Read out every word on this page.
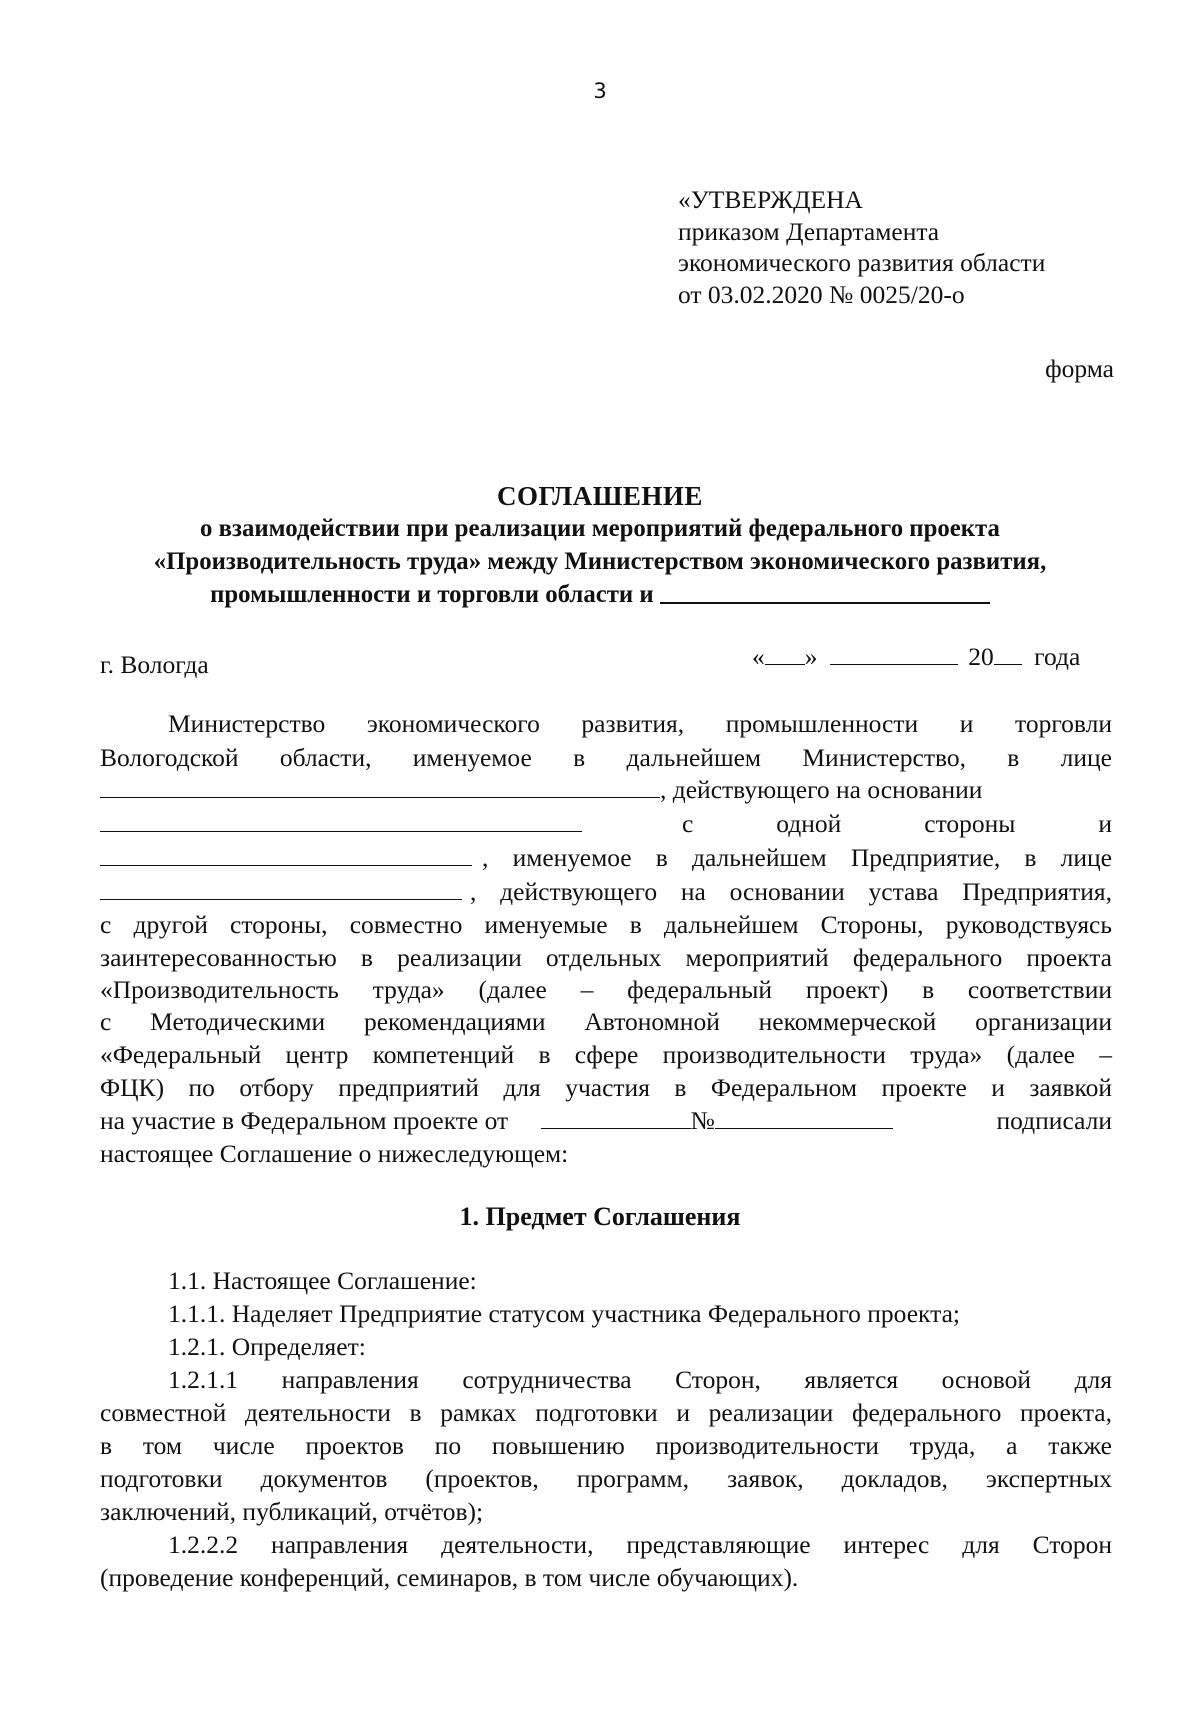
3
«УТВЕРЖДЕНА
приказом Департамента
экономического развития области
от 03.02.2020 № 0025/20-о
форма
СОГЛАШЕНИЕ
о взаимодействии при реализации мероприятий федерального проекта
«Производительность труда» между Министерством экономического развития,
промышленности и торговли области и
г. Вологда	« »	20 года
Министерство экономического развития, промышленности и торговли
Вологодской области, именуемое в дальнейшем Министерство, в лице
, действующего на основании
с одной стороны и
, именуемое в дальнейшем Предприятие, в лице
, действующего на основании устава Предприятия,
с другой стороны, совместно именуемые в дальнейшем Стороны, руководствуясь
заинтересованностью в реализации отдельных мероприятий федерального проекта
«Производительность труда» (далее – федеральный проект) в соответствии
с Методическими рекомендациями Автономной некоммерческой организации
«Федеральный центр компетенций в сфере производительности труда» (далее –
ФЦК) по отбору предприятий для участия в Федеральном проекте и заявкой
на участие в Федеральном проекте от	№	подписали
настоящее Соглашение о нижеследующем:
1. Предмет Соглашения
1.1. Настоящее Соглашение:
1.1.1. Наделяет Предприятие статусом участника Федерального проекта;
1.2.1. Определяет:
1.2.1.1 направления сотрудничества Сторон, является основой для
совместной деятельности в рамках подготовки и реализации федерального проекта,
в том числе проектов по повышению производительности труда, а также
подготовки документов (проектов, программ, заявок, докладов, экспертных
заключений, публикаций, отчётов);
1.2.2.2 направления деятельности, представляющие интерес для Сторон
(проведение конференций, семинаров, в том числе обучающих).
